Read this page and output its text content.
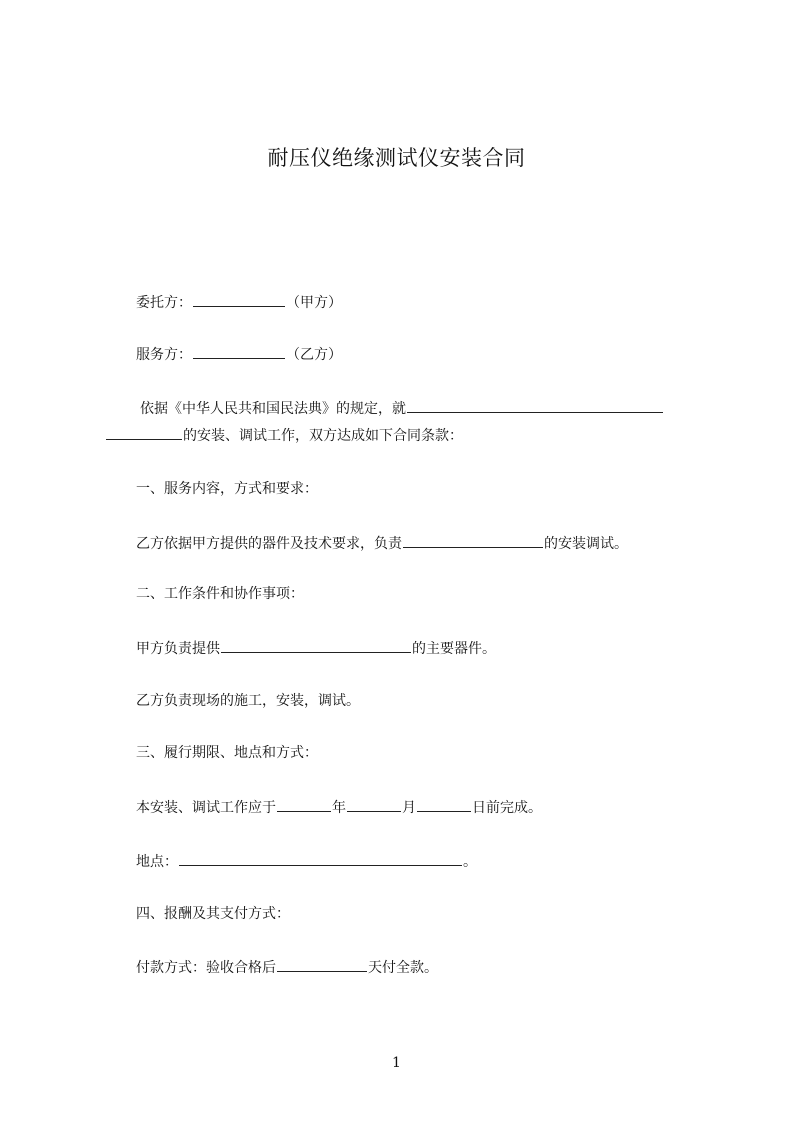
耐压仪绝缘测试仪安装合同
委托方：	（甲方）
服务方：	（乙方）
依据《中华人民共和国民法典》的规定，就
的安装、调试工作，双方达成如下合同条款：
一、服务内容，方式和要求：
乙方依据甲方提供的器件及技术要求，负责	的安装调试。
二、工作条件和协作事项：
甲方负责提供	的主要器件。
乙方负责现场的施工，安装，调试。
三、履行期限、地点和方式：
本安装、调试工作应于	年	月	日前完成。
地点：	。
四、报酬及其支付方式：
付款方式：验收合格后	天付全款。
1
